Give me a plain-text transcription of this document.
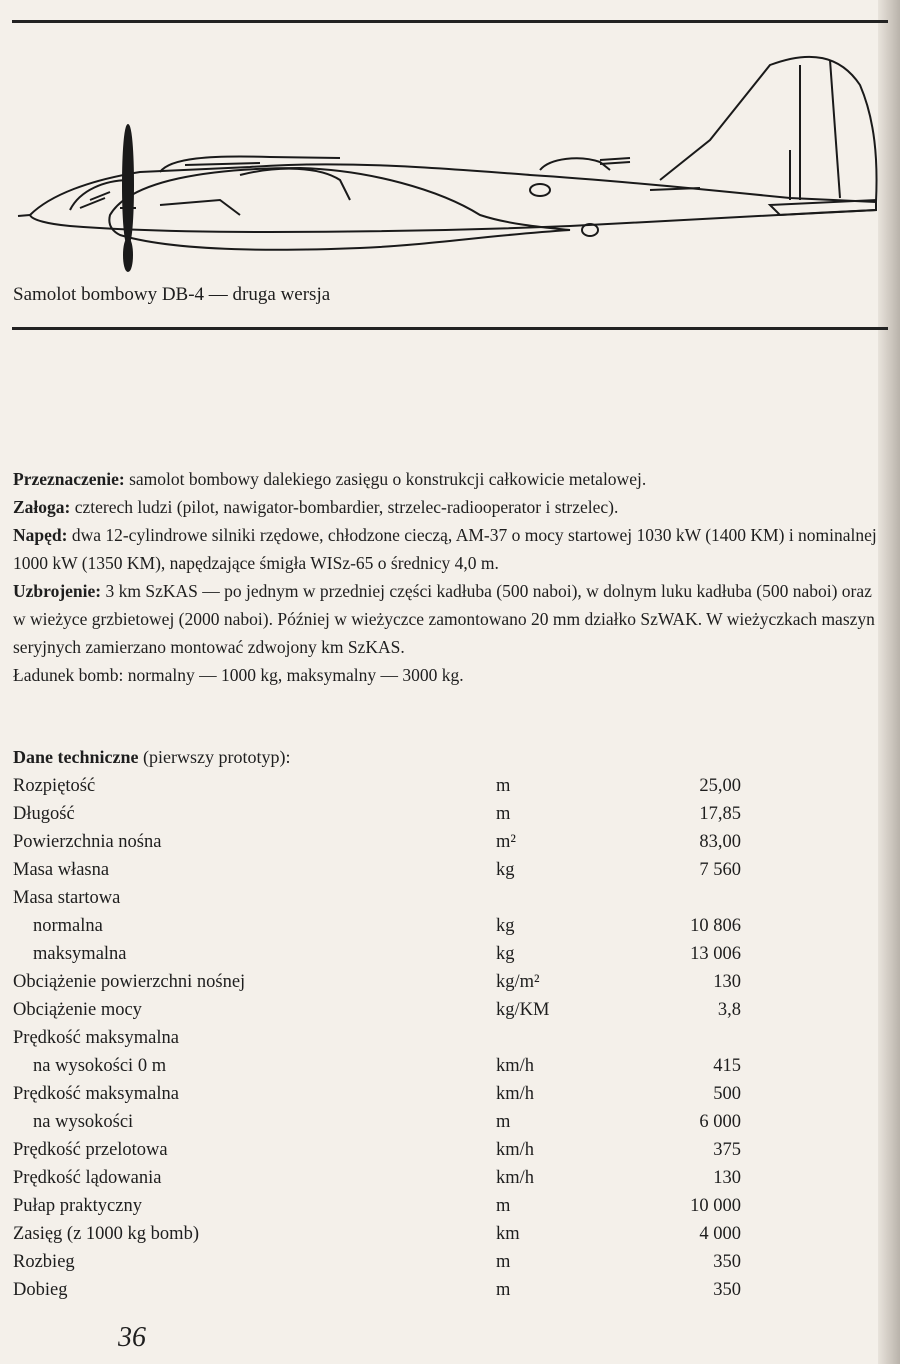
Samolot bombowy DB-4 — druga wersja

Przeznaczenie: samolot bombowy dalekiego zasięgu o konstrukcji całkowicie metalowej.

Załoga: czterech ludzi (pilot, nawigator-bombardier, strzelec-radiooperator i strzelec).

Napęd: dwa 12-cylindrowe silniki rzędowe, chłodzone cieczą, AM-37 o mocy startowej 1030 kW (1400 KM) i nominalnej 1000 kW (1350 KM), napędzające śmigła WISz-65 o średnicy 4,0 m.

Uzbrojenie: 3 km SzKAS — po jednym w przedniej części kadłuba (500 naboi), w dolnym luku kadłuba (500 naboi) oraz w wieżyce grzbietowej (2000 naboi). Później w wieżyczce zamontowano 20 mm działko SzWAK. W wieżyczkach maszyn seryjnych zamierzano montować zdwojony km SzKAS.

Ładunek bomb: normalny — 1000 kg, maksymalny — 3000 kg.

Dane techniczne (pierwszy prototyp):
Rozpiętość	m	25,00
Długość	m	17,85
Powierzchnia nośna	m²	83,00
Masa własna	kg	7 560
Masa startowa
normalna	kg	10 806
maksymalna	kg	13 006
Obciążenie powierzchni nośnej	kg/m²	130
Obciążenie mocy	kg/KM	3,8
Prędkość maksymalna
na wysokości 0 m	km/h	415
Prędkość maksymalna	km/h	500
na wysokości	m	6 000
Prędkość przelotowa	km/h	375
Prędkość lądowania	km/h	130
Pułap praktyczny	m	10 000
Zasięg (z 1000 kg bomb)	km	4 000
Rozbieg	m	350
Dobieg	m	350
36
